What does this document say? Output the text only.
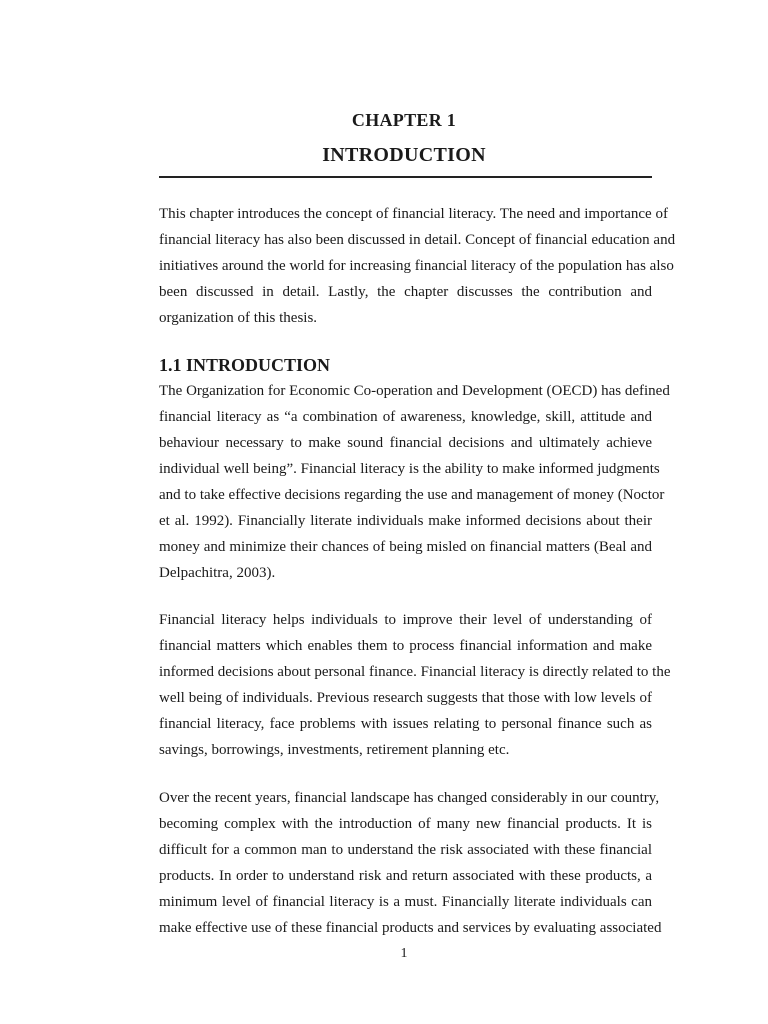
CHAPTER 1
INTRODUCTION
This chapter introduces the concept of financial literacy. The need and importance of
financial literacy has also been discussed in detail. Concept of financial education and
initiatives around the world for increasing financial literacy of the population has also
been discussed in detail. Lastly, the chapter discusses the contribution and
organization of this thesis.
1.1 INTRODUCTION
The Organization for Economic Co-operation and Development (OECD) has defined
financial literacy as “a combination of awareness, knowledge, skill, attitude and
behaviour necessary to make sound financial decisions and ultimately achieve
individual well being”. Financial literacy is the ability to make informed judgments
and to take effective decisions regarding the use and management of money (Noctor
et al. 1992). Financially literate individuals make informed decisions about their
money and minimize their chances of being misled on financial matters (Beal and
Delpachitra, 2003).
Financial literacy helps individuals to improve their level of understanding of
financial matters which enables them to process financial information and make
informed decisions about personal finance. Financial literacy is directly related to the
well being of individuals. Previous research suggests that those with low levels of
financial literacy, face problems with issues relating to personal finance such as
savings, borrowings, investments, retirement planning etc.
Over the recent years, financial landscape has changed considerably in our country,
becoming complex with the introduction of many new financial products. It is
difficult for a common man to understand the risk associated with these financial
products. In order to understand risk and return associated with these products, a
minimum level of financial literacy is a must. Financially literate individuals can
make effective use of these financial products and services by evaluating associated
1
